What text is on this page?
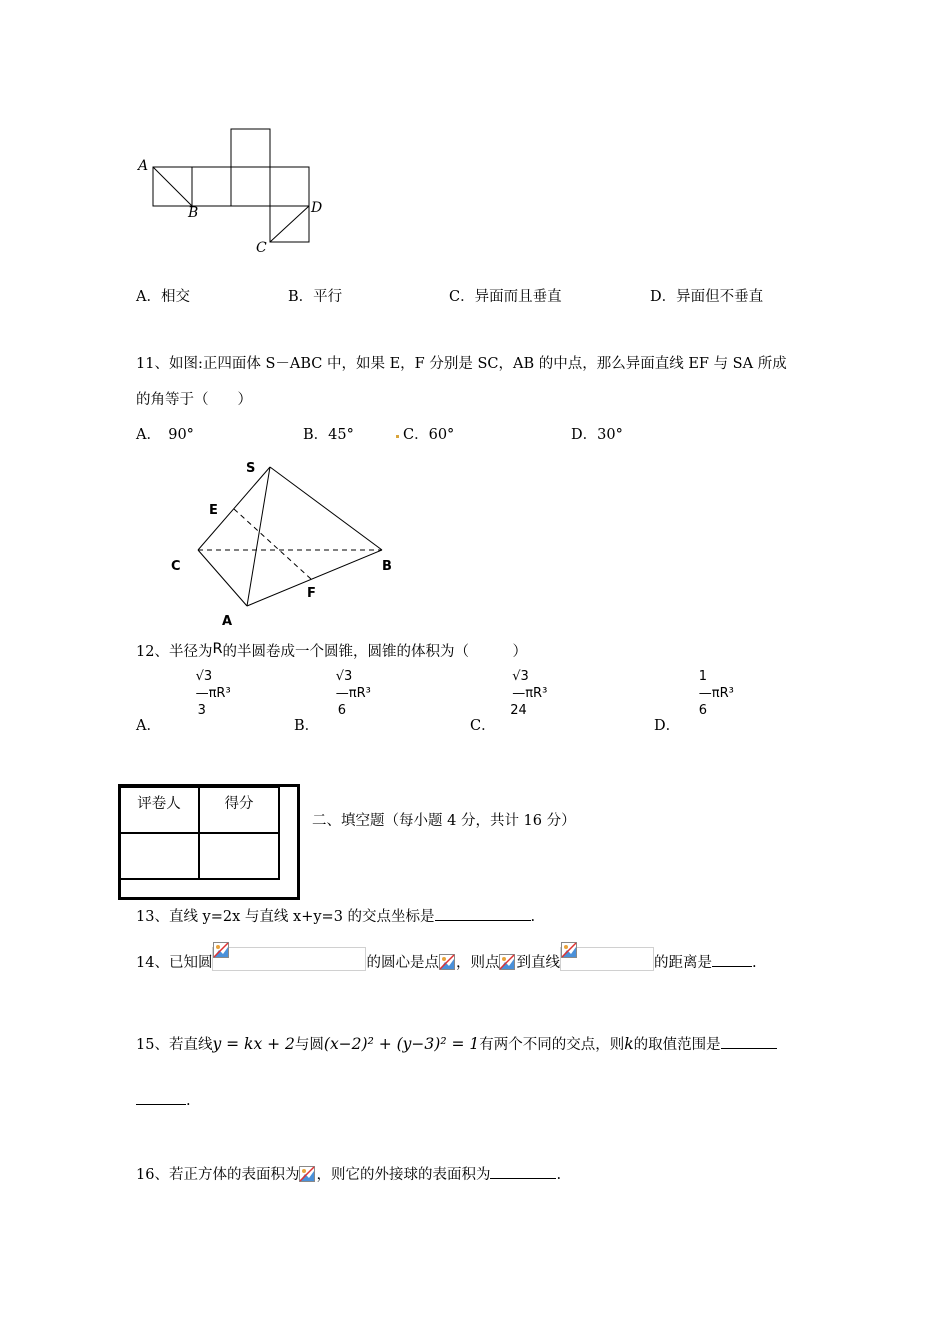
A
B
C
D
A．相交	B．平行	C．异面而且垂直	D．异面但不垂直
11、如图:正四面体 S－ABC 中，如果 E，F 分别是 SC，AB 的中点，那么异面直线 EF 与 SA 所成
的角等于（　　）
A．　90°	B．45°	C．60°	D．30°
S
E
C	B
F
A
12、半径为R的半圆卷成一个圆锥，圆锥的体积为（　　　）
A．
√3
—πR³
3
B．
√3
—πR³
6
C．
√3
—πR³
24
D．
1
—πR³
6
评卷人	得分

二、填空题（每小题 4 分，共计 16 分）
13、直线 y=2x 与直线 x+y=3 的交点坐标是	.
14、已知圆	的圆心是点 ，则点 到直线	的距离是	.
15、若直线y = kx + 2与圆(x−2)² + (y−3)² = 1有两个不同的交点，则k的取值范围是
.
16、若正方体的表面积为 ，则它的外接球的表面积为	.
